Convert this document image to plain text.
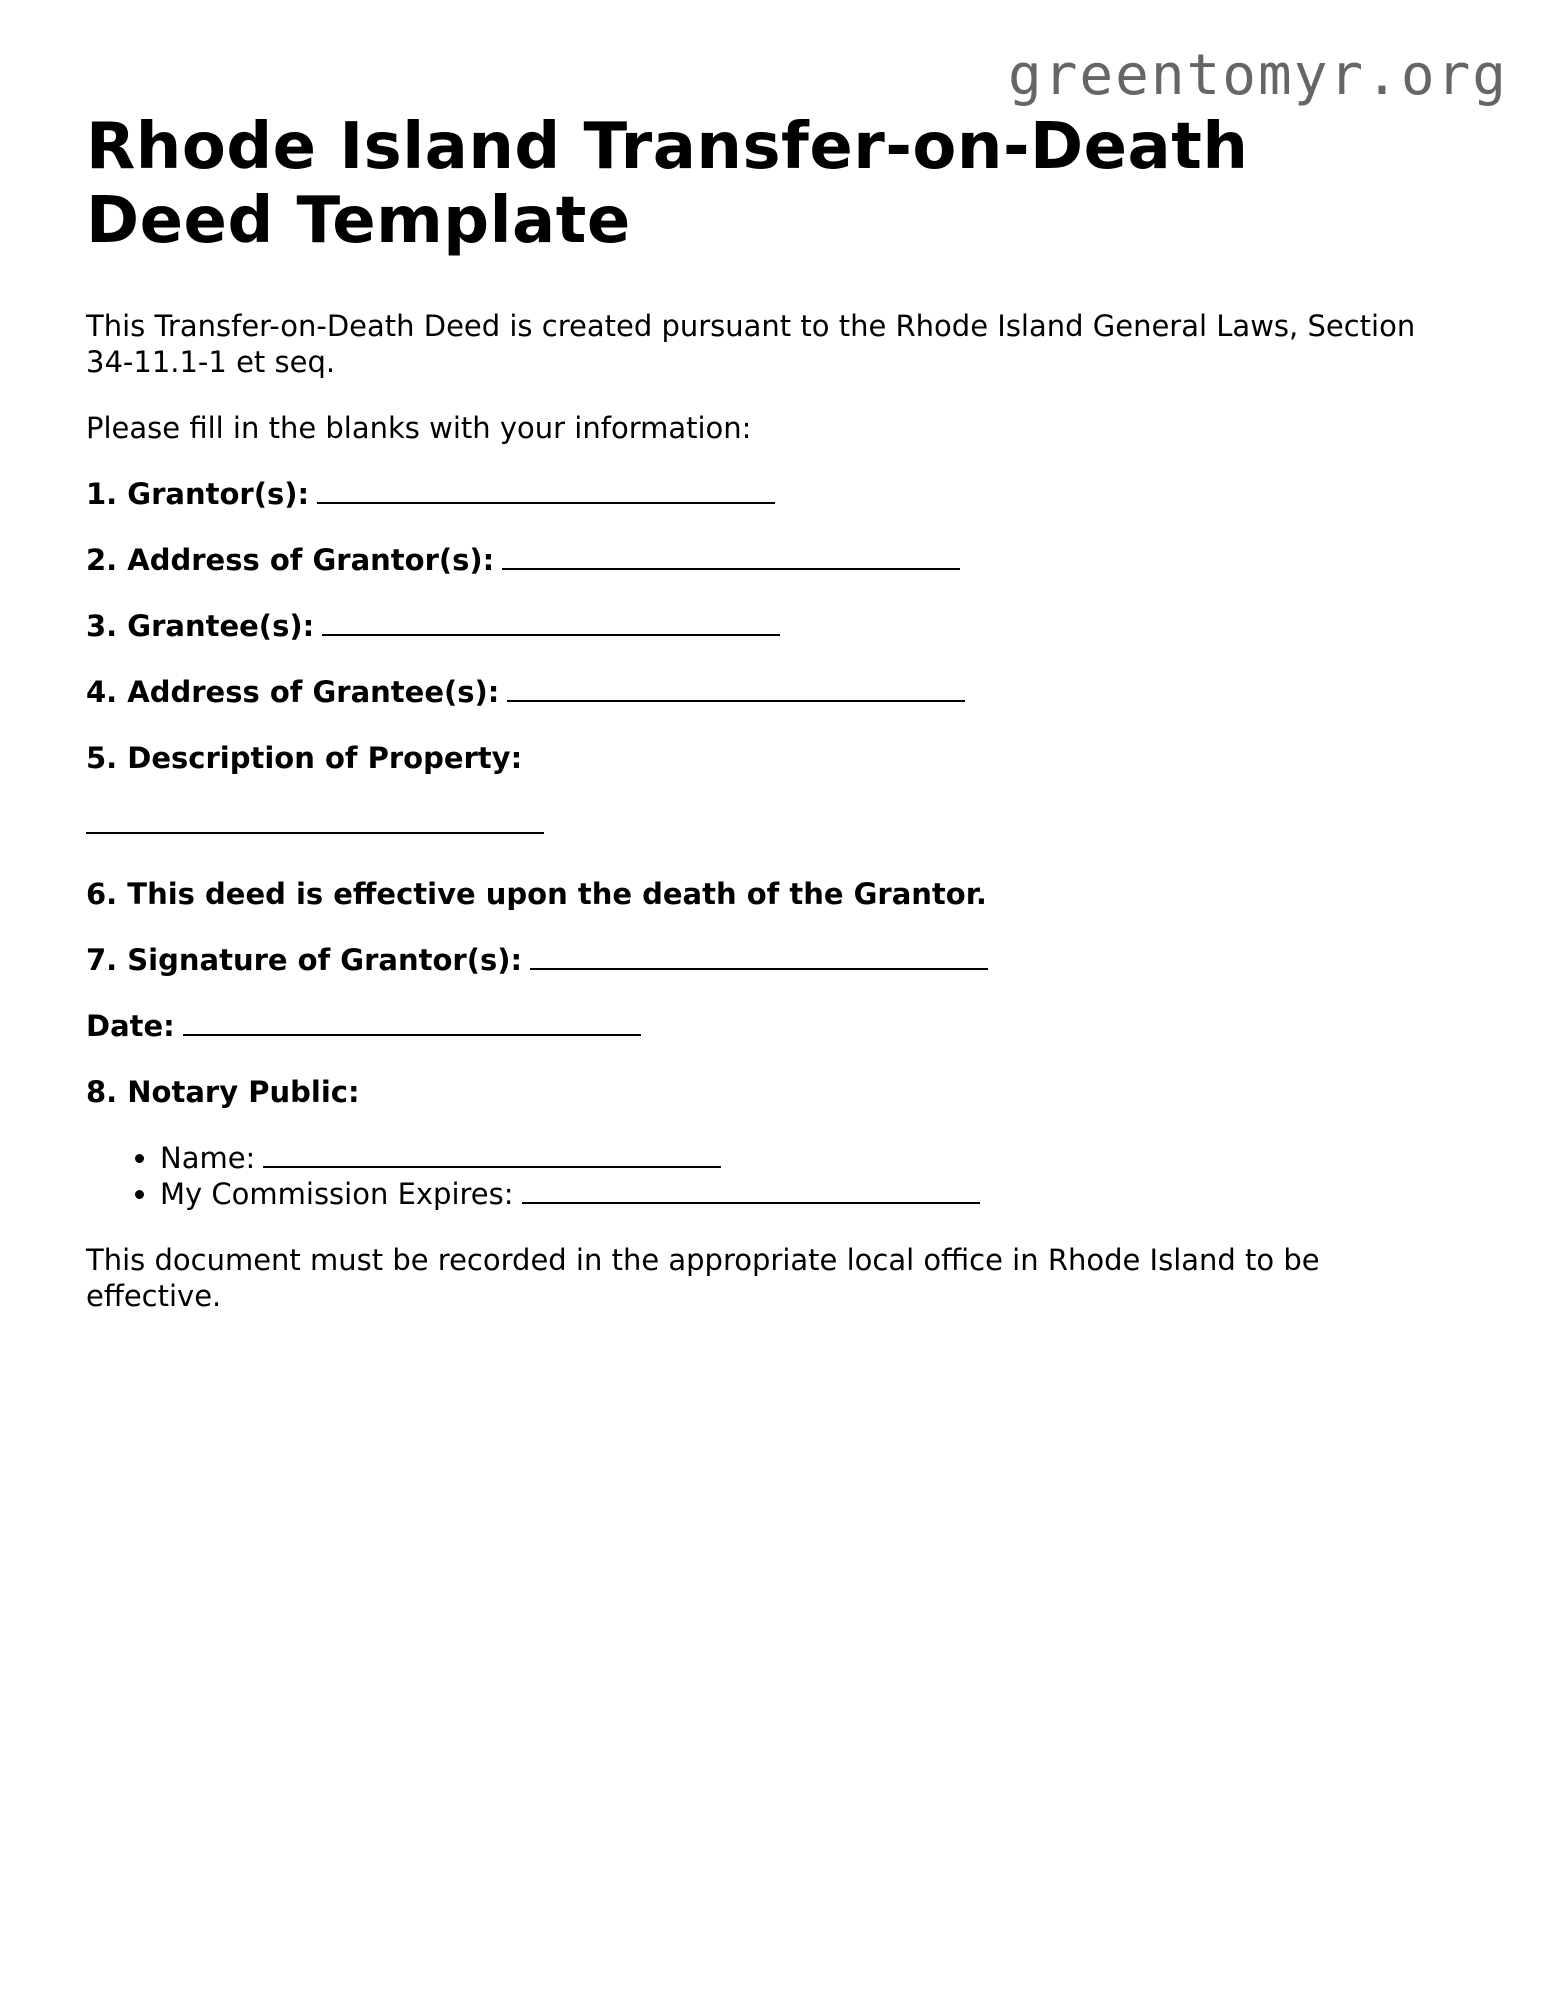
greentomyr.org
Rhode Island Transfer-on-Death Deed Template

This Transfer-on-Death Deed is created pursuant to the Rhode Island General Laws, Section 34-11.1-1 et seq.

Please fill in the blanks with your information:

1. Grantor(s):
2. Address of Grantor(s):
3. Grantee(s):
4. Address of Grantee(s):
5. Description of Property:
6. This deed is effective upon the death of the Grantor.
7. Signature of Grantor(s):
Date:
8. Notary Public:
• Name:
• My Commission Expires:

This document must be recorded in the appropriate local office in Rhode Island to be effective.
